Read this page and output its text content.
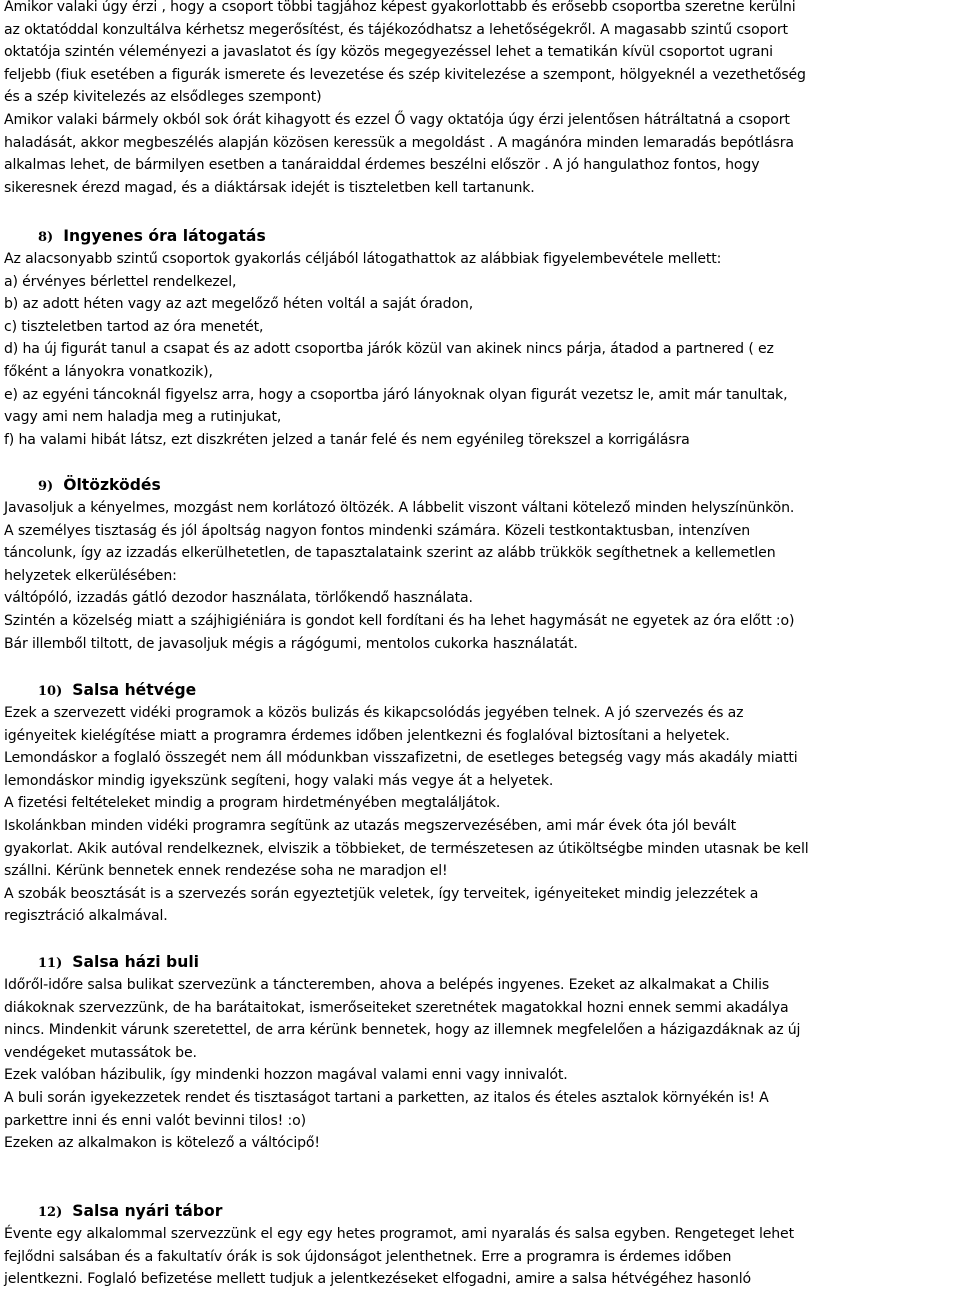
Amikor valaki úgy érzi , hogy a csoport többi tagjához képest gyakorlottabb és erősebb csoportba szeretne kerülni
az oktatóddal konzultálva kérhetsz megerősítést, és tájékozódhatsz a lehetőségekről. A magasabb szintű csoport
oktatója szintén véleményezi a javaslatot és így közös megegyezéssel lehet a tematikán kívül csoportot ugrani
feljebb (fiuk esetében a figurák ismerete és levezetése és szép kivitelezése a szempont, hölgyeknél a vezethetőség
és a szép kivitelezés az elsődleges szempont)
Amikor valaki bármely okból sok órát kihagyott és ezzel Ő vagy oktatója úgy érzi jelentősen hátráltatná a csoport
haladását, akkor megbeszélés alapján közösen keressük a megoldást . A magánóra minden lemaradás bepótlásra
alkalmas lehet, de bármilyen esetben a tanáraiddal érdemes beszélni először . A jó hangulathoz fontos, hogy
sikeresnek érezd magad, és a diáktársak idejét is tiszteletben kell tartanunk.
8) Ingyenes óra látogatás
Az alacsonyabb szintű csoportok gyakorlás céljából látogathattok az alábbiak figyelembevétele mellett:
a) érvényes bérlettel rendelkezel,
b) az adott héten vagy az azt megelőző héten voltál a saját óradon,
c) tiszteletben tartod az óra menetét,
d) ha új figurát tanul a csapat és az adott csoportba járók közül van akinek nincs párja, átadod a partnered ( ez
főként a lányokra vonatkozik),
e) az egyéni táncoknál figyelsz arra, hogy a csoportba járó lányoknak olyan figurát vezetsz le, amit már tanultak,
vagy ami nem haladja meg a rutinjukat,
f) ha valami hibát látsz, ezt diszkréten jelzed a tanár felé és nem egyénileg törekszel a korrigálásra
9) Öltözködés
Javasoljuk a kényelmes, mozgást nem korlátozó öltözék. A lábbelit viszont váltani kötelező minden helyszínünkön.
A személyes tisztaság és jól ápoltság nagyon fontos mindenki számára. Közeli testkontaktusban, intenzíven
táncolunk, így az izzadás elkerülhetetlen, de tapasztalataink szerint az alább trükkök segíthetnek a kellemetlen
helyzetek elkerülésében:
váltópóló, izzadás gátló dezodor használata, törlőkendő használata.
Szintén a közelség miatt a szájhigiéniára is gondot kell fordítani és ha lehet hagymását ne egyetek az óra előtt :o)
Bár illemből tiltott, de javasoljuk mégis a rágógumi, mentolos cukorka használatát.
10) Salsa hétvége
Ezek a szervezett vidéki programok a közös bulizás és kikapcsolódás jegyében telnek. A jó szervezés és az
igényeitek kielégítése miatt a programra érdemes időben jelentkezni és foglalóval biztosítani a helyetek.
Lemondáskor a foglaló összegét nem áll módunkban visszafizetni, de esetleges betegség vagy más akadály miatti
lemondáskor mindig igyekszünk segíteni, hogy valaki más vegye át a helyetek.
A fizetési feltételeket mindig a program hirdetményében megtaláljátok.
Iskolánkban minden vidéki programra segítünk az utazás megszervezésében, ami már évek óta jól bevált
gyakorlat. Akik autóval rendelkeznek, elviszik a többieket, de természetesen az útiköltségbe minden utasnak be kell
szállni. Kérünk bennetek ennek rendezése soha ne maradjon el!
A szobák beosztását is a szervezés során egyeztetjük veletek, így terveitek, igényeiteket mindig jelezzétek a
regisztráció alkalmával.
11) Salsa házi buli
Időről-időre salsa bulikat szervezünk a táncteremben, ahova a belépés ingyenes. Ezeket az alkalmakat a Chilis
diákoknak szervezzünk, de ha barátaitokat, ismerőseiteket szeretnétek magatokkal hozni ennek semmi akadálya
nincs. Mindenkit várunk szeretettel, de arra kérünk bennetek, hogy az illemnek megfelelően a házigazdáknak az új
vendégeket mutassátok be.
Ezek valóban házibulik, így mindenki hozzon magával valami enni vagy innivalót.
A buli során igyekezzetek rendet és tisztaságot tartani a parketten, az italos és ételes asztalok környékén is! A
parkettre inni és enni valót bevinni tilos! :o)
Ezeken az alkalmakon is kötelező a váltócipő!
12) Salsa nyári tábor
Évente egy alkalommal szervezzünk el egy egy hetes programot, ami nyaralás és salsa egyben. Rengeteget lehet
fejlődni salsában és a fakultatív órák is sok újdonságot jelenthetnek. Erre a programra is érdemes időben
jelentkezni. Foglaló befizetése mellett tudjuk a jelentkezéseket elfogadni, amire a salsa hétvégéhez hasonló
